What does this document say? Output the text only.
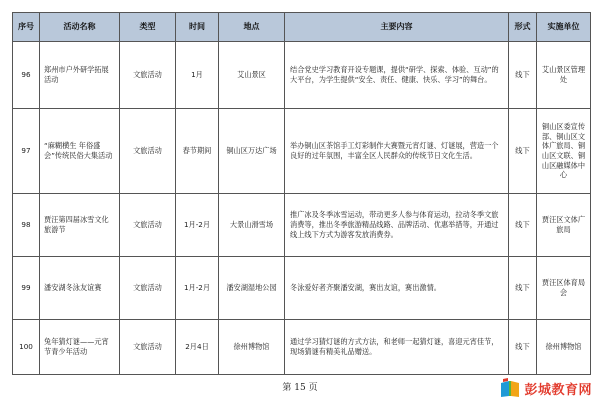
序号	活动名称	类型	时间	地点	主要内容	形式	实施单位
96	郑州市户外研学拓展活动	文旅活动	1月	艾山景区	结合党史学习教育开设专题课，提供“研学、探索、体验、互动”的大平台，为学生提供“安全、责任、健康、快乐、学习”的舞台。	线下	艾山景区管理处
97	“麻糊横生 年俗盛会”传统民俗大集活动	文旅活动	春节期间	铜山区万达广场	举办铜山区茶馆手工灯彩制作大赛暨元宵灯谜、灯谜展，营造一个良好的过年氛围，丰富全区人民群众的传统节日文化生活。	线下	铜山区委宣传部、铜山区文体广旅局、铜山区文联、铜山区融媒体中心
98	贾汪第四届冰雪文化旅游节	文旅活动	1月-2月	大景山滑雪场	推广冰及冬季冰雪运动，带动更多人参与体育运动，拉动冬季文旅消费等，推出冬季旅游精品线路、品牌活动、优惠举措等，开通过线上线下方式为游客发放消费券。	线下	贾汪区文体广旅局
99	潘安湖冬泳友谊赛	文旅活动	1月-2月	潘安湖湿地公园	冬泳爱好者齐聚潘安湖，赛出友谊，赛出激情。	线下	贾汪区体育局会
100	兔年猜灯谜——元宵节青少年活动	文旅活动	2月4日	徐州博物馆	通过学习猜灯谜的方式方法，和老师一起猜灯谜，喜迎元宵佳节，现场猜谜有精美礼品赠送。	线下	徐州博物馆
第 15 页	彭城教育网
